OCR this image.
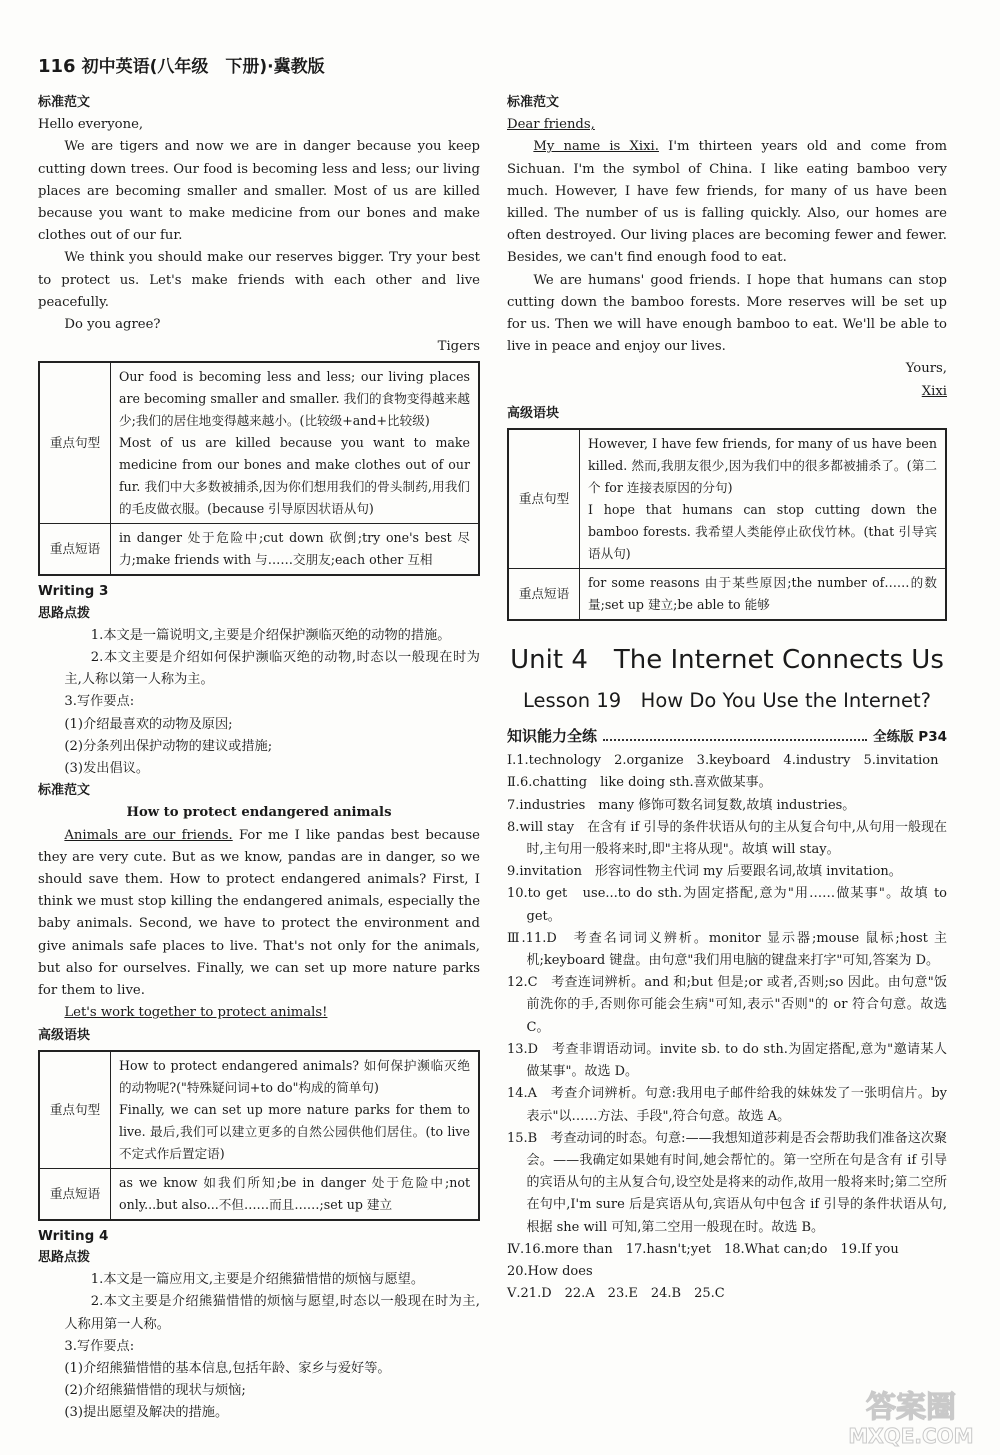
116 初中英语(八年级　下册)·冀教版
标准范文

Hello everyone,

We are tigers and now we are in danger because you keep cutting down trees. Our food is becoming less and less; our living places are becoming smaller and smaller. Most of us are killed because you want to make medicine from our bones and make clothes out of our fur.

We think you should make our reserves bigger. Try your best to protect us. Let's make friends with each other and live peacefully.

Do you agree?

Tigers

重点句型	Our food is becoming less and less; our living places are becoming smaller and smaller. 我们的食物变得越来越少;我们的居住地变得越来越小。(比较级+and+比较级)
Most of us are killed because you want to make medicine from our bones and make clothes out of our fur. 我们中大多数被捕杀,因为你们想用我们的骨头制药,用我们的毛皮做衣服。(because 引导原因状语从句)

重点短语	in danger 处于危险中;cut down 砍倒;try one's best 尽力;make friends with 与……交朋友;each other 互相
Writing 3
思路点拨

1.本文是一篇说明文,主要是介绍保护濒临灭绝的动物的措施。

2.本文主要是介绍如何保护濒临灭绝的动物,时态以一般现在时为主,人称以第一人称为主。

3.写作要点:

(1)介绍最喜欢的动物及原因;

(2)分条列出保护动物的建议或措施;

(3)发出倡议。

标准范文

How to protect endangered animals

Animals are our friends. For me I like pandas best because they are very cute. But as we know, pandas are in danger, so we should save them. How to protect endangered animals? First, I think we must stop killing the endangered animals, especially the baby animals. Second, we have to protect the environment and give animals safe places to live. That's not only for the animals, but also for ourselves. Finally, we can set up more nature parks for them to live.

Let's work together to protect animals!

高级语块
重点句型	How to protect endangered animals? 如何保护濒临灭绝的动物呢?("特殊疑问词+to do"构成的简单句)
Finally, we can set up more nature parks for them to live. 最后,我们可以建立更多的自然公园供他们居住。(to live 不定式作后置定语)

重点短语	as we know 如我们所知;be in danger 处于危险中;not only...but also...不但……而且……;set up 建立
Writing 4
思路点拨

1.本文是一篇应用文,主要是介绍熊猫惜惜的烦恼与愿望。

2.本文主要是介绍熊猫惜惜的烦恼与愿望,时态以一般现在时为主,人称用第一人称。

3.写作要点:

(1)介绍熊猫惜惜的基本信息,包括年龄、家乡与爱好等。

(2)介绍熊猫惜惜的现状与烦恼;

(3)提出愿望及解决的措施。

标准范文

Dear friends,

My name is Xixi. I'm thirteen years old and come from Sichuan. I'm the symbol of China. I like eating bamboo very much. However, I have few friends, for many of us have been killed. The number of us is falling quickly. Also, our homes are often destroyed. Our living places are becoming fewer and fewer. Besides, we can't find enough food to eat.

We are humans' good friends. I hope that humans can stop cutting down the bamboo forests. More reserves will be set up for us. Then we will have enough bamboo to eat. We'll be able to live in peace and enjoy our lives.

Yours,

Xixi

高级语块
重点句型	However, I have few friends, for many of us have been killed. 然而,我朋友很少,因为我们中的很多都被捕杀了。(第二个 for 连接表原因的分句)
I hope that humans can stop cutting down the bamboo forests. 我希望人类能停止砍伐竹林。(that 引导宾语从句)

重点短语	for some reasons 由于某些原因;the number of……的数量;set up 建立;be able to 能够
Unit 4　The Internet Connects Us
Lesson 19　How Do You Use the Internet?
知识能力全练	全练版 P34

Ⅰ.1.technology　2.organize　3.keyboard　4.industry　5.invitation

Ⅱ.6.chatting　like doing sth.喜欢做某事。

7.industries　many 修饰可数名词复数,故填 industries。

8.will stay　在含有 if 引导的条件状语从句的主从复合句中,从句用一般现在时,主句用一般将来时,即"主将从现"。故填 will stay。

9.invitation　形容词性物主代词 my 后要跟名词,故填 invitation。

10.to get　use...to do sth.为固定搭配,意为"用……做某事"。故填 to get。

Ⅲ.11.D　考查名词词义辨析。monitor 显示器;mouse 鼠标;host 主机;keyboard 键盘。由句意"我们用电脑的键盘来打字"可知,答案为 D。

12.C　考查连词辨析。and 和;but 但是;or 或者,否则;so 因此。由句意"饭前洗你的手,否则你可能会生病"可知,表示"否则"的 or 符合句意。故选 C。

13.D　考查非谓语动词。invite sb. to do sth.为固定搭配,意为"邀请某人做某事"。故选 D。

14.A　考查介词辨析。句意:我用电子邮件给我的妹妹发了一张明信片。by 表示"以……方法、手段",符合句意。故选 A。

15.B　考查动词的时态。句意:——我想知道莎莉是否会帮助我们准备这次聚会。——我确定如果她有时间,她会帮忙的。第一空所在句是含有 if 引导的宾语从句的主从复合句,设空处是将来的动作,故用一般将来时;第二空所在句中,I'm sure 后是宾语从句,宾语从句中包含 if 引导的条件状语从句,根据 she will 可知,第二空用一般现在时。故选 B。

Ⅳ.16.more than　17.hasn't;yet　18.What can;do　19.If you

20.How does

Ⅴ.21.D　22.A　23.E　24.B　25.C

答案圈
MXQE.COM
